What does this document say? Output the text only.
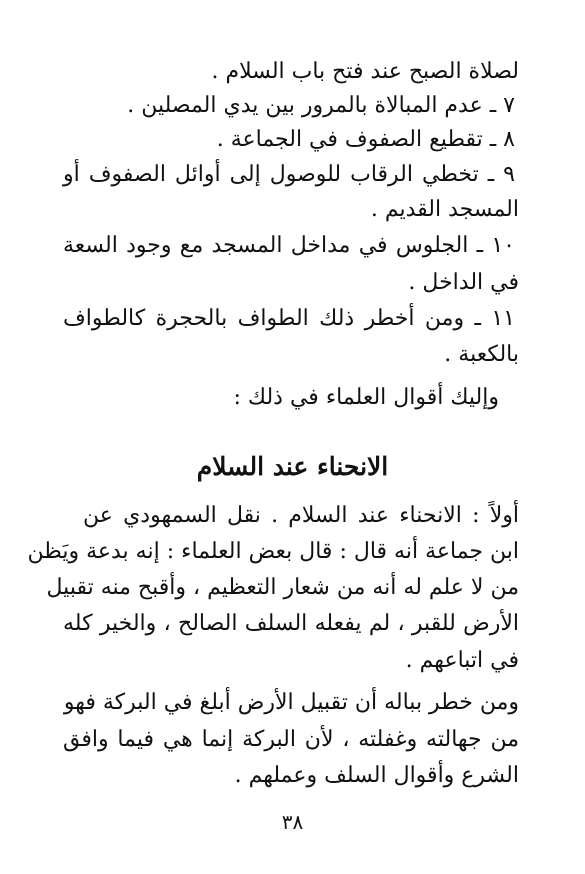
لصلاة الصبح عند فتح باب السلام .
٧ ـ عدم المبالاة بالمرور بين يدي المصلين .
٨ ـ تقطيع الصفوف في الجماعة .
٩ ـ تخطي الرقاب للوصول إلى أوائل الصفوف أو
المسجد القديم .
١٠ ـ الجلوس في مداخل المسجد مع وجود السعة
في الداخل .
١١ ـ ومن أخطر ذلك الطواف بالحجرة كالطواف
بالكعبة .
وإليك أقوال العلماء في ذلك :
الانحناء عند السلام
أولاً : الانحناء عند السلام . نقل السمهودي عن
ابن جماعة أنه قال : قال بعض العلماء : إنه بدعة ويَظن
من لا علم له أنه من شعار التعظيم ، وأقبح منه تقبيل
الأرض للقبر ، لم يفعله السلف الصالح ، والخير كله
في اتباعهم .
ومن خطر بباله أن تقبيل الأرض أبلغ في البركة فهو
من جهالته وغفلته ، لأن البركة إنما هي فيما وافق
الشرع وأقوال السلف وعملهم .
٣٨
